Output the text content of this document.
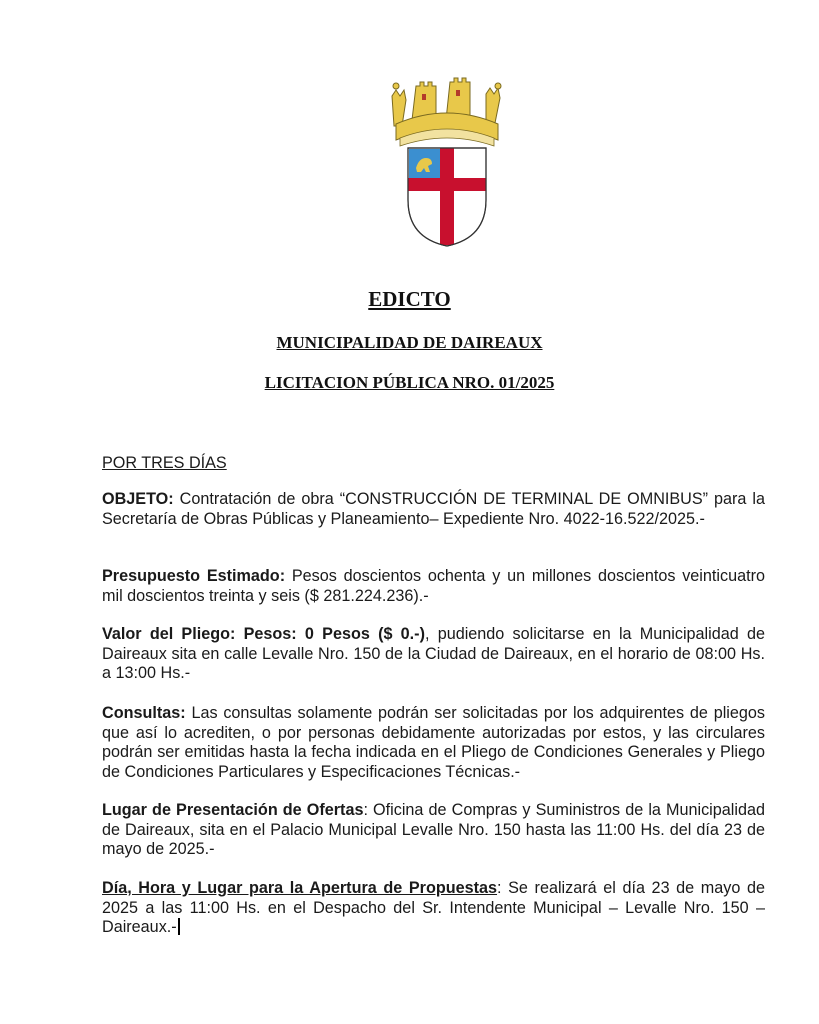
EDICTO
MUNICIPALIDAD DE DAIREAUX
LICITACION PÚBLICA NRO. 01/2025
POR TRES DÍAS
OBJETO: Contratación de obra “CONSTRUCCIÓN DE TERMINAL DE OMNIBUS” para la Secretaría de Obras Públicas y Planeamiento– Expediente Nro. 4022-16.522/2025.-
Presupuesto Estimado: Pesos doscientos ochenta y un millones doscientos veinticuatro mil doscientos treinta y seis ($ 281.224.236).-
Valor del Pliego: Pesos: 0 Pesos ($ 0.-), pudiendo solicitarse en la Municipalidad de Daireaux sita en calle Levalle Nro. 150 de la Ciudad de Daireaux, en el horario de 08:00 Hs. a 13:00 Hs.-
Consultas: Las consultas solamente podrán ser solicitadas por los adquirentes de pliegos que así lo acrediten, o por personas debidamente autorizadas por estos, y las circulares podrán ser emitidas hasta la fecha indicada en el Pliego de Condiciones Generales y Pliego de Condiciones Particulares y Especificaciones Técnicas.-
Lugar de Presentación de Ofertas: Oficina de Compras y Suministros de la Municipalidad de Daireaux, sita en el Palacio Municipal Levalle Nro. 150 hasta las 11:00 Hs. del día 23 de mayo de 2025.-
Día, Hora y Lugar para la Apertura de Propuestas: Se realizará el día 23 de mayo de 2025 a las 11:00 Hs. en el Despacho del Sr. Intendente Municipal – Levalle Nro. 150 – Daireaux.-
